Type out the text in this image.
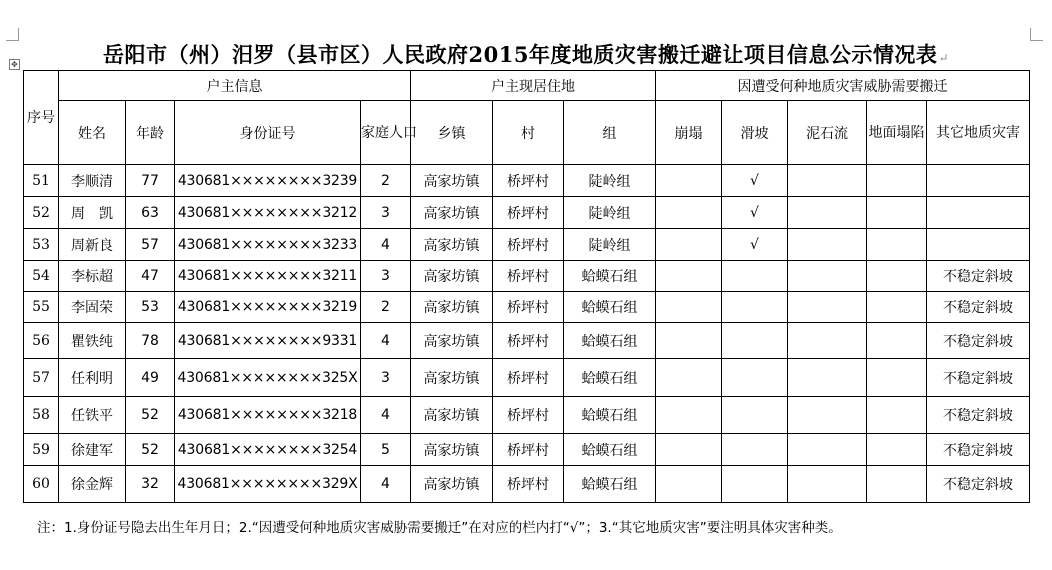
✥	岳阳市（州）汨罗（县市区）人民政府2015年度地质灾害搬迁避让项目信息公示情况表↵
序号	户主信息				户主现居住地			因遭受何种地质灾害威胁需要搬迁				
	姓名	年龄	身份证号	家庭人口	乡镇	村	组	崩塌	滑坡	泥石流	地面塌陷	其它地质灾害
51	李顺清	77	430681××××××××3239	2	高家坊镇	桥坪村	陡岭组		√			
52	周　凯	63	430681××××××××3212	3	高家坊镇	桥坪村	陡岭组		√			
53	周新良	57	430681××××××××3233	4	高家坊镇	桥坪村	陡岭组		√			
54	李标超	47	430681××××××××3211	3	高家坊镇	桥坪村	蛤蟆石组					不稳定斜坡
55	李固荣	53	430681××××××××3219	2	高家坊镇	桥坪村	蛤蟆石组					不稳定斜坡
56	瞿铁纯	78	430681××××××××9331	4	高家坊镇	桥坪村	蛤蟆石组					不稳定斜坡
57	任利明	49	430681××××××××325X	3	高家坊镇	桥坪村	蛤蟆石组					不稳定斜坡
58	任铁平	52	430681××××××××3218	4	高家坊镇	桥坪村	蛤蟆石组					不稳定斜坡
59	徐建军	52	430681××××××××3254	5	高家坊镇	桥坪村	蛤蟆石组					不稳定斜坡
60	徐金辉	32	430681××××××××329X	4	高家坊镇	桥坪村	蛤蟆石组					不稳定斜坡
注：1.身份证号隐去出生年月日；2.“因遭受何种地质灾害威胁需要搬迁”在对应的栏内打“√”；3.“其它地质灾害”要注明具体灾害种类。
